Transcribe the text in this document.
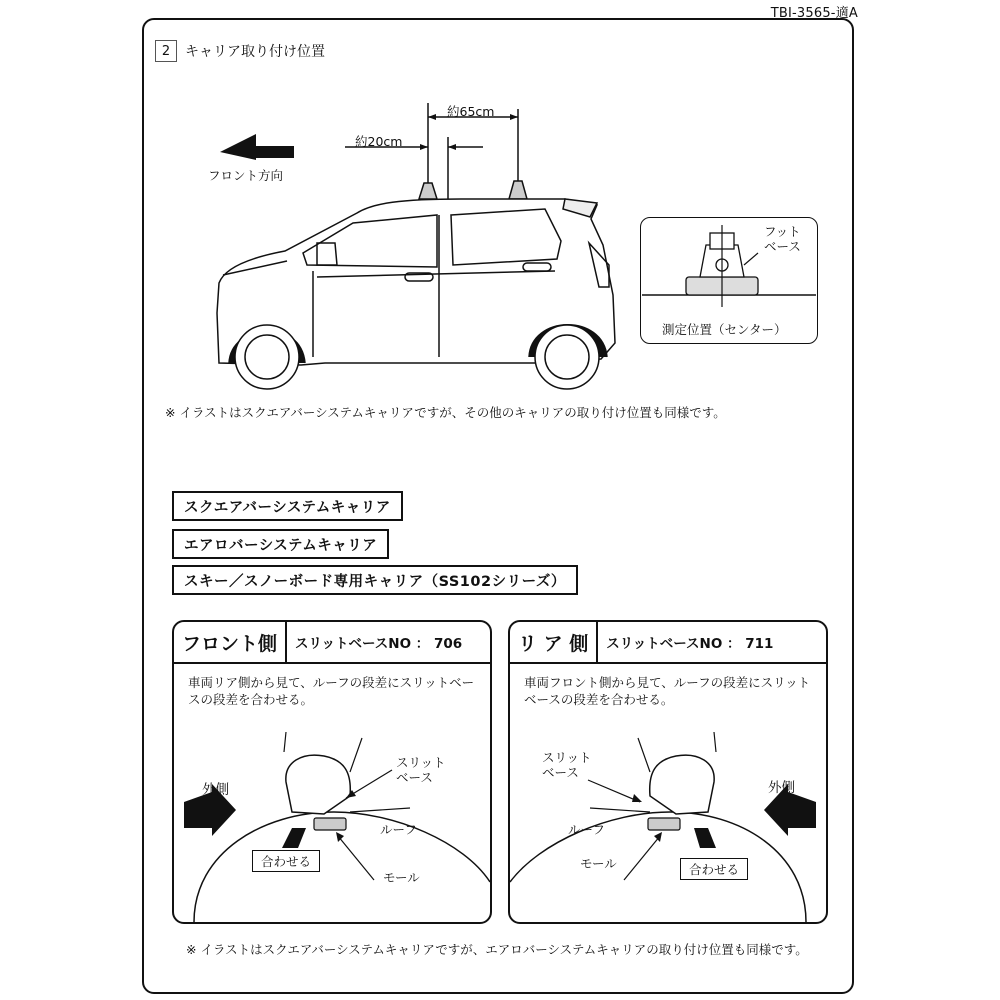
TBI-3565-適A
2	キャリア取り付け位置
フロント方向
約65cm
約20cm
フット
ベース
測定位置（センター）
※ イラストはスクエアバーシステムキャリアですが、その他のキャリアの取り付け位置も同様です。
スクエアバーシステムキャリア
エアロバーシステムキャリア
スキー／スノーボード専用キャリア（SS102シリーズ）
フロント側	スリットベースNO ： 706
車両リア側から見て、ルーフの段差にスリットベースの段差を合わせる。
外側
スリット
ベース
ルーフ
モール
合わせる
リ ア 側	スリットベースNO ： 711
車両フロント側から見て、ルーフの段差にスリットベースの段差を合わせる。
外側
スリット
ベース
ルーフ
モール	合わせる
※ イラストはスクエアバーシステムキャリアですが、エアロバーシステムキャリアの取り付け位置も同様です。
